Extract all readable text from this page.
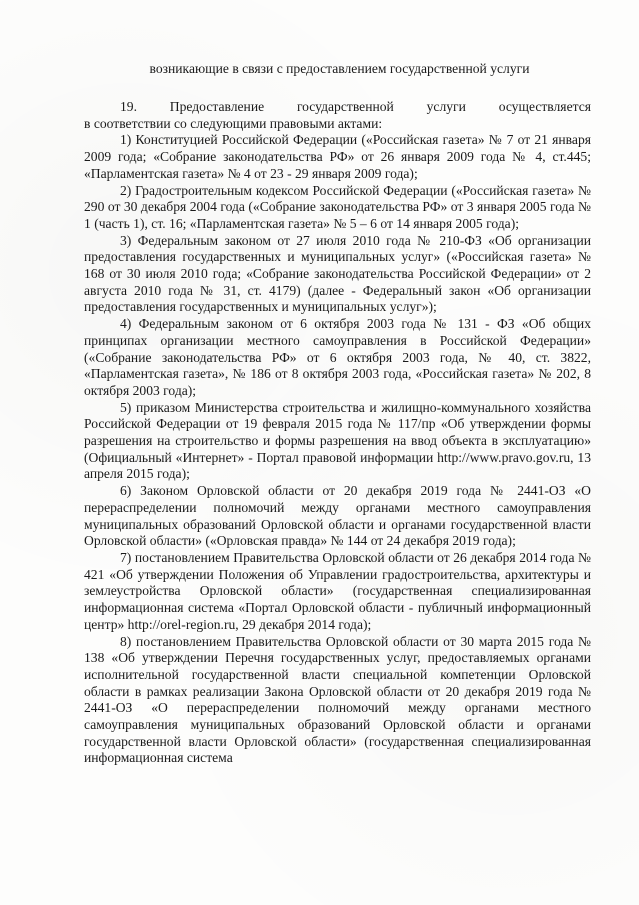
возникающие в связи с предоставлением государственной услуги

19. Предоставление государственной услуги осуществляется
в соответствии со следующими правовыми актами:

1) Конституцией Российской Федерации («Российская газета» № 7 от 21 января 2009 года; «Собрание законодательства РФ» от 26 января 2009 года № 4, ст.445; «Парламентская газета» № 4 от 23 - 29 января 2009 года);

2) Градостроительным кодексом Российской Федерации («Российская газета» № 290 от 30 декабря 2004 года («Собрание законодательства РФ» от 3 января 2005 года № 1 (часть 1), ст. 16; «Парламентская газета» № 5 – 6 от 14 января 2005 года);

3) Федеральным законом от 27 июля 2010 года № 210-ФЗ «Об организации предоставления государственных и муниципальных услуг» («Российская газета» № 168 от 30 июля 2010 года; «Собрание законодательства Российской Федерации» от 2 августа 2010 года № 31, ст. 4179) (далее - Федеральный закон «Об организации предоставления государственных и муниципальных услуг»);

4) Федеральным законом от 6 октября 2003 года № 131 - ФЗ «Об общих принципах организации местного самоуправления в Российской Федерации» («Собрание законодательства РФ» от 6 октября 2003 года, № 40, ст. 3822, «Парламентская газета», № 186 от 8 октября 2003 года, «Российская газета» № 202, 8 октября 2003 года);

5) приказом Министерства строительства и жилищно-коммунального хозяйства Российской Федерации от 19 февраля 2015 года № 117/пр «Об утверждении формы разрешения на строительство и формы разрешения на ввод объекта в эксплуатацию» (Официальный «Интернет» - Портал правовой информации http://www.pravo.gov.ru, 13 апреля 2015 года);

6) Законом Орловской области от 20 декабря 2019 года № 2441-ОЗ «О перераспределении полномочий между органами местного самоуправления муниципальных образований Орловской области и органами государственной власти Орловской области» («Орловская правда» № 144 от 24 декабря 2019 года);

7) постановлением Правительства Орловской области от 26 декабря 2014 года № 421 «Об утверждении Положения об Управлении градостроительства, архитектуры и землеустройства Орловской области» (государственная специализированная информационная система «Портал Орловской области - публичный информационный центр» http://orel-region.ru, 29 декабря 2014 года);

8) постановлением Правительства Орловской области от 30 марта 2015 года № 138 «Об утверждении Перечня государственных услуг, предоставляемых органами исполнительной государственной власти специальной компетенции Орловской области в рамках реализации Закона Орловской области от 20 декабря 2019 года № 2441-ОЗ «О перераспределении полномочий между органами местного самоуправления муниципальных образований Орловской области и органами государственной власти Орловской области» (государственная специализированная информационная система
